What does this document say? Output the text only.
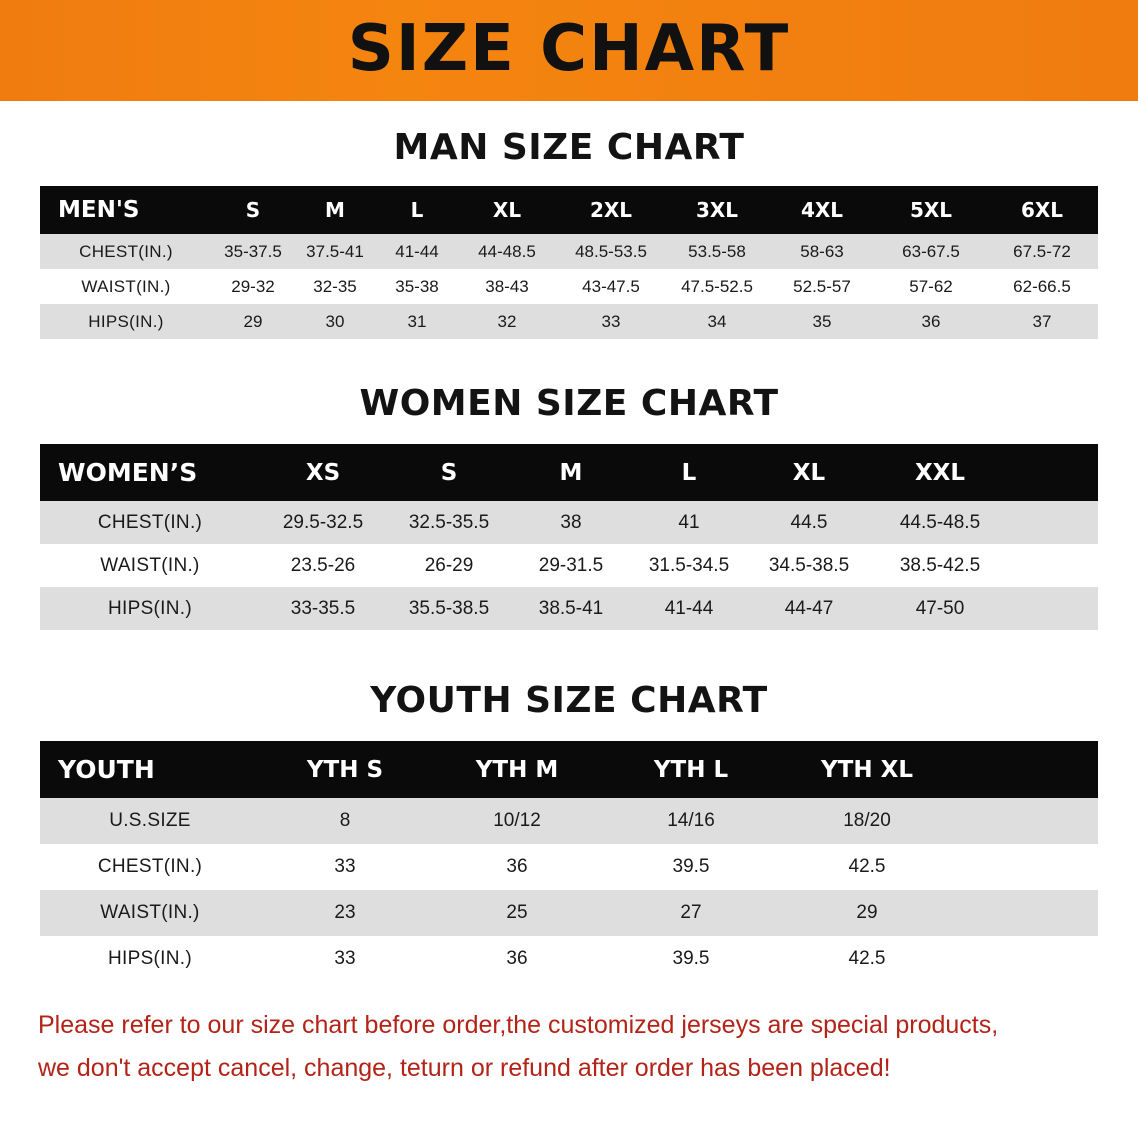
SIZE CHART
MAN SIZE CHART
MEN'S	S	M	L	XL	2XL	3XL	4XL	5XL	6XL
CHEST(IN.)	35-37.5	37.5-41	41-44	44-48.5	48.5-53.5	53.5-58	58-63	63-67.5	67.5-72
WAIST(IN.)	29-32	32-35	35-38	38-43	43-47.5	47.5-52.5	52.5-57	57-62	62-66.5
HIPS(IN.)	29	30	31	32	33	34	35	36	37
WOMEN SIZE CHART
WOMEN’S	XS	S	M	L	XL	XXL	
CHEST(IN.)	29.5-32.5	32.5-35.5	38	41	44.5	44.5-48.5	
WAIST(IN.)	23.5-26	26-29	29-31.5	31.5-34.5	34.5-38.5	38.5-42.5	
HIPS(IN.)	33-35.5	35.5-38.5	38.5-41	41-44	44-47	47-50	
YOUTH SIZE CHART
YOUTH	YTH S	YTH M	YTH L	YTH XL	
U.S.SIZE	8	10/12	14/16	18/20	
CHEST(IN.)	33	36	39.5	42.5	
WAIST(IN.)	23	25	27	29	
HIPS(IN.)	33	36	39.5	42.5	
Please refer to our size chart before order,the customized jerseys are special products,
we don't accept cancel, change, teturn or refund after order has been placed!
